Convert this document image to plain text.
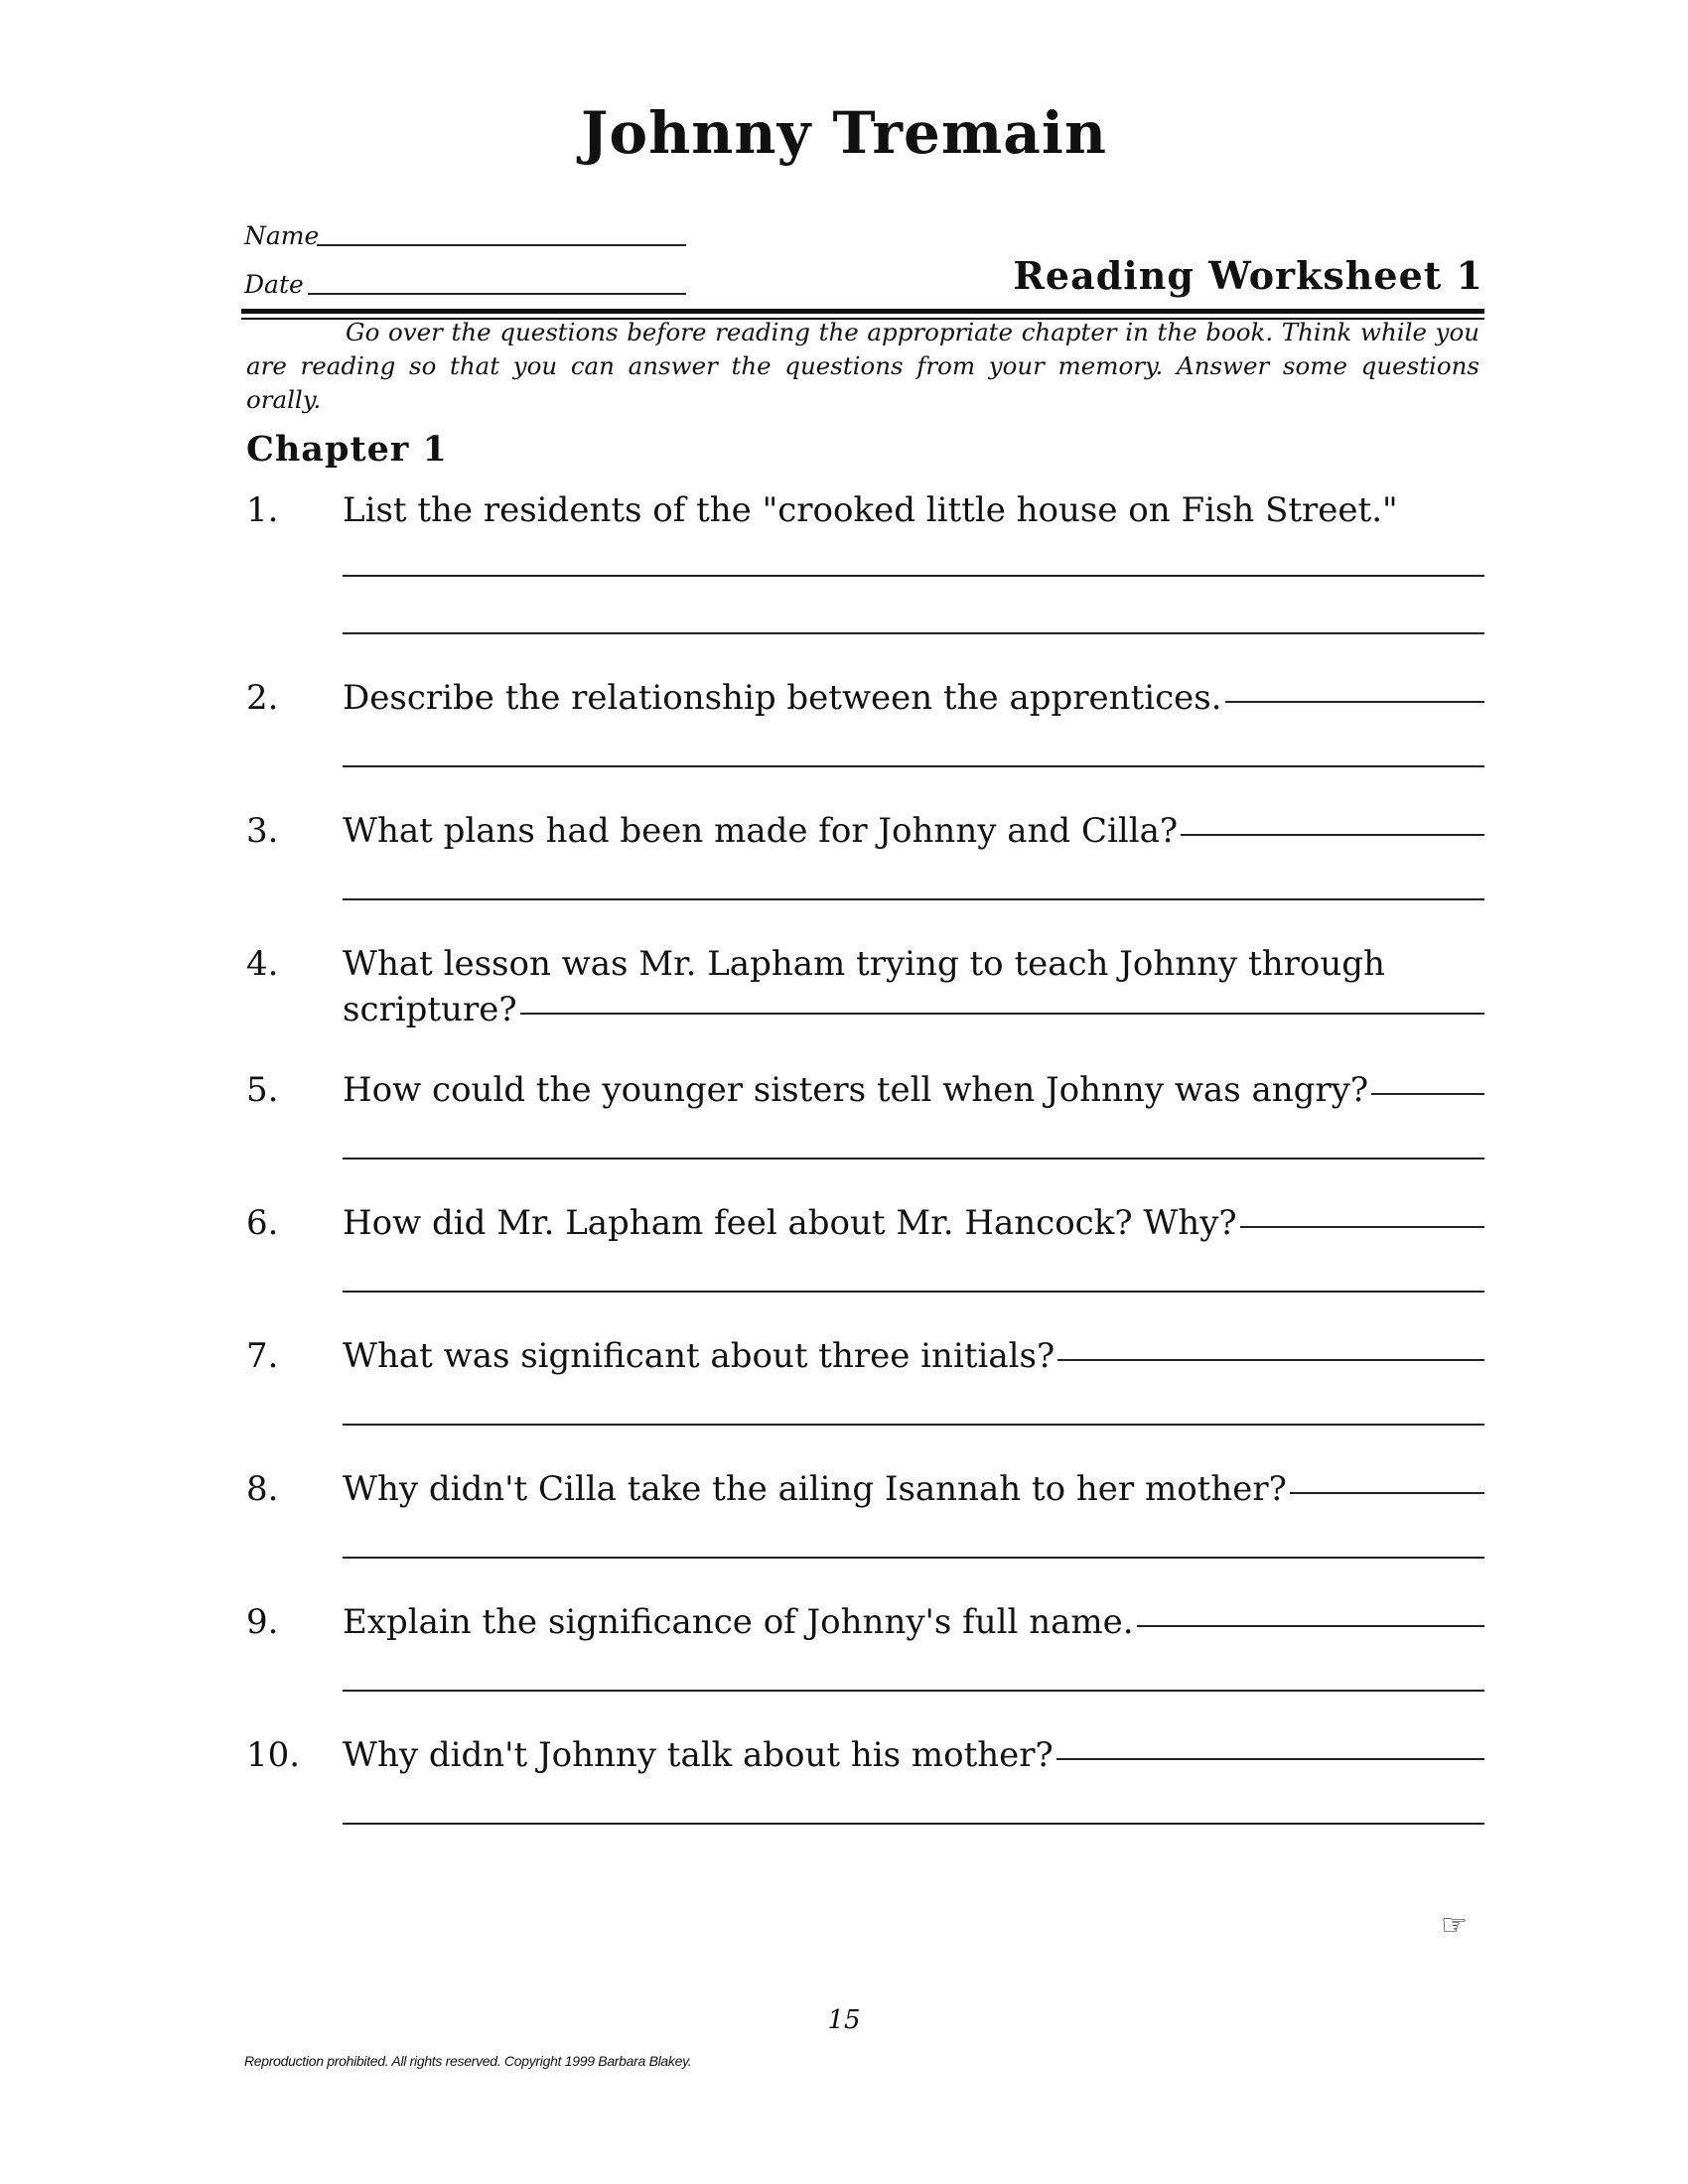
Johnny Tremain
Name
Date	Reading Worksheet 1
Go over the questions before reading the appropriate chapter in the book. Think while you are reading so that you can answer the questions from your memory. Answer some questions orally.
Chapter 1
1. List the residents of the "crooked little house on Fish Street."
2. Describe the relationship between the apprentices.
3. What plans had been made for Johnny and Cilla?
4. What lesson was Mr. Lapham trying to teach Johnny through
scripture?
5. How could the younger sisters tell when Johnny was angry?
6. How did Mr. Lapham feel about Mr. Hancock? Why?
7. What was significant about three initials?
8. Why didn't Cilla take the ailing Isannah to her mother?
9. Explain the significance of Johnny's full name.
10. Why didn't Johnny talk about his mother?
☞
15
Reproduction prohibited. All rights reserved. Copyright 1999 Barbara Blakey.
